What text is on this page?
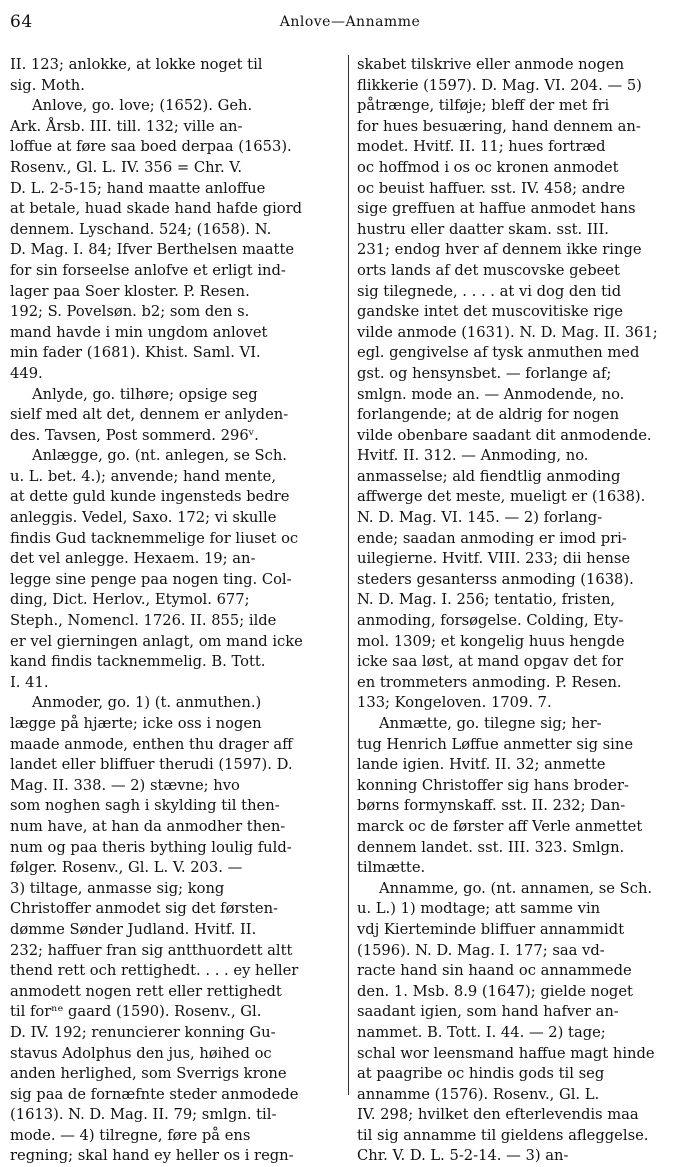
64	Anlove—Annamme
II. 123; anlokke, at lokke noget til
sig. Moth.
Anlove, go. love; (1652). Geh.
Ark. Årsb. III. till. 132; ville an-
loffue at føre saa boed derpaa (1653).
Rosenv., Gl. L. IV. 356 = Chr. V.
D. L. 2-5-15; hand maatte anloffue
at betale, huad skade hand hafde giord
dennem. Lyschand. 524; (1658). N.
D. Mag. I. 84; Ifver Berthelsen maatte
for sin forseelse anlofve et erligt ind-
lager paa Soer kloster. P. Resen.
192; S. Povelsøn. b2; som den s.
mand havde i min ungdom anlovet
min fader (1681). Khist. Saml. VI.
449.
Anlyde, go. tilhøre; opsige seg
sielf med alt det, dennem er anlyden-
des. Tavsen, Post sommerd. 296ᵛ.
Anlægge, go. (nt. anlegen, se Sch.
u. L. bet. 4.); anvende; hand mente,
at dette guld kunde ingensteds bedre
anleggis. Vedel, Saxo. 172; vi skulle
findis Gud tacknemmelige for liuset oc
det vel anlegge. Hexaem. 19; an-
legge sine penge paa nogen ting. Col-
ding, Dict. Herlov., Etymol. 677;
Steph., Nomencl. 1726. II. 855; ilde
er vel gierningen anlagt, om mand icke
kand findis tacknemmelig. B. Tott.
I. 41.
Anmoder, go. 1) (t. anmuthen.)
lægge på hjærte; icke oss i nogen
maade anmode, enthen thu drager aff
landet eller bliffuer therudi (1597). D.
Mag. II. 338. — 2) stævne; hvo
som noghen sagh i skylding til then-
num have, at han da anmodher then-
num og paa theris bything loulig fuld-
følger. Rosenv., Gl. L. V. 203. —
3) tiltage, anmasse sig; kong
Christoffer anmodet sig det førsten-
dømme Sønder Judland. Hvitf. II.
232; haffuer fran sig antthuordett altt
thend rett och rettighedt. . . . ey heller
anmodett nogen rett eller rettighedt
til forⁿᵉ gaard (1590). Rosenv., Gl.
D. IV. 192; renuncierer konning Gu-
stavus Adolphus den jus, høihed oc
anden herlighed, som Sverrigs krone
sig paa de fornæfnte steder anmodede
(1613). N. D. Mag. II. 79; smlgn. til-
mode. — 4) tilregne, føre på ens
regning; skal hand ey heller os i regn-
skabet tilskrive eller anmode nogen
flikkerie (1597). D. Mag. VI. 204. — 5)
påtrænge, tilføje; bleff der met fri
for hues besuæring, hand dennem an-
modet. Hvitf. II. 11; hues fortræd
oc hoffmod i os oc kronen anmodet
oc beuist haffuer. sst. IV. 458; andre
sige greffuen at haffue anmodet hans
hustru eller daatter skam. sst. III.
231; endog hver af dennem ikke ringe
orts lands af det muscovske gebeet
sig tilegnede, . . . . at vi dog den tid
gandske intet det muscovitiske rige
vilde anmode (1631). N. D. Mag. II. 361;
egl. gengivelse af tysk anmuthen med
gst. og hensynsbet. — forlange af;
smlgn. mode an. — Anmodende, no.
forlangende; at de aldrig for nogen
vilde obenbare saadant dit anmodende.
Hvitf. II. 312. — Anmoding, no.
anmasselse; ald fiendtlig anmoding
affwerge det meste, mueligt er (1638).
N. D. Mag. VI. 145. — 2) forlang-
ende; saadan anmoding er imod pri-
uilegierne. Hvitf. VIII. 233; dii hense
steders gesanterss anmoding (1638).
N. D. Mag. I. 256; tentatio, fristen,
anmoding, forsøgelse. Colding, Ety-
mol. 1309; et kongelig huus hengde
icke saa løst, at mand opgav det for
en trommeters anmoding. P. Resen.
133; Kongeloven. 1709. 7.
Anmætte, go. tilegne sig; her-
tug Henrich Løffue anmetter sig sine
lande igien. Hvitf. II. 32; anmette
konning Christoffer sig hans broder-
børns formynskaff. sst. II. 232; Dan-
marck oc de førster aff Verle anmettet
dennem landet. sst. III. 323. Smlgn.
tilmætte.
Annamme, go. (nt. annamen, se Sch.
u. L.) 1) modtage; att samme vin
vdj Kierteminde bliffuer annammidt
(1596). N. D. Mag. I. 177; saa vd-
racte hand sin haand oc annammede
den. 1. Msb. 8.9 (1647); gielde noget
saadant igien, som hand hafver an-
nammet. B. Tott. I. 44. — 2) tage;
schal wor leensmand haffue magt hinde
at paagribe oc hindis gods til seg
annamme (1576). Rosenv., Gl. L.
IV. 298; hvilket den efterlevendis maa
til sig annamme til gieldens afleggelse.
Chr. V. D. L. 5-2-14. — 3) an-
